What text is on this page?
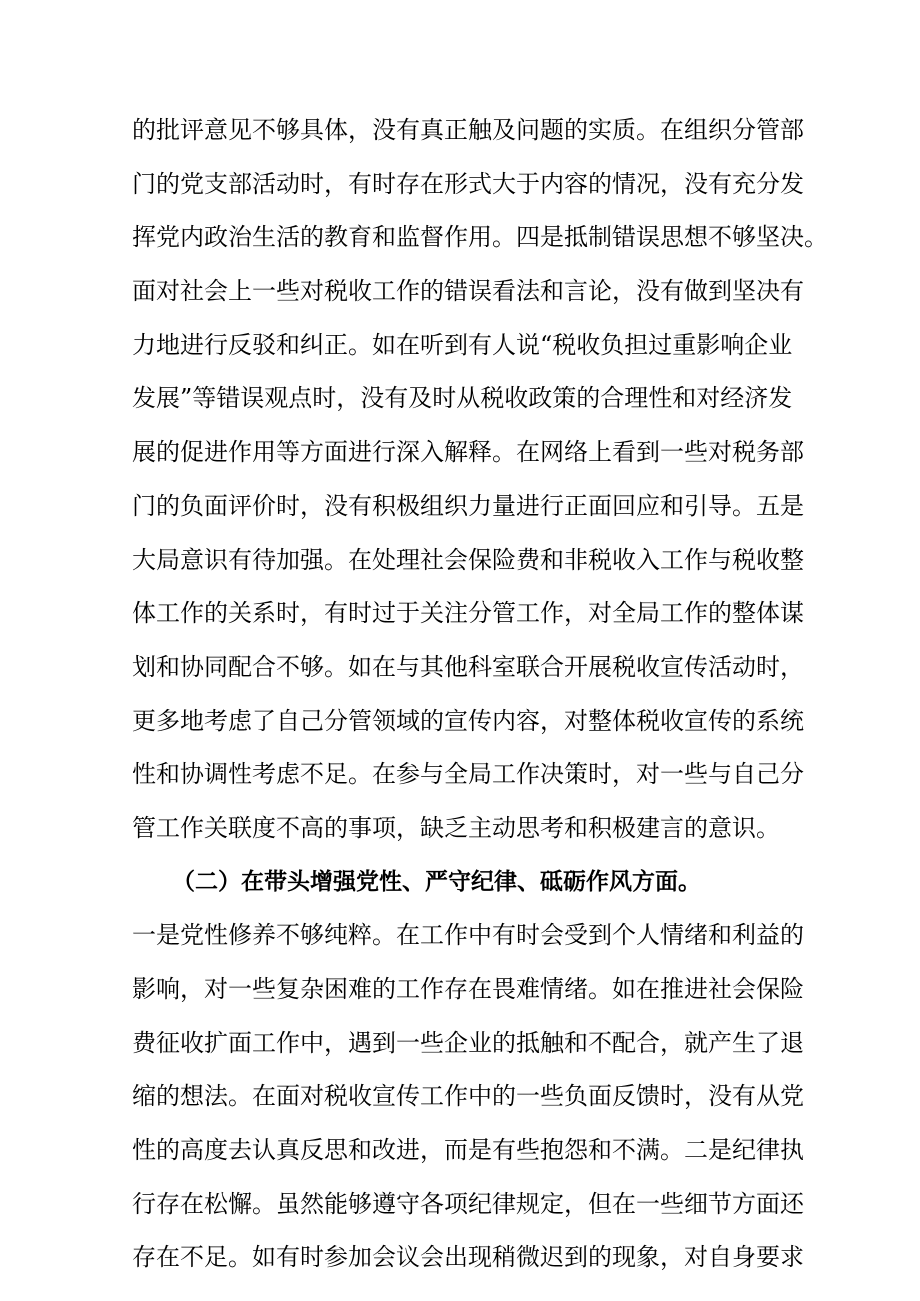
的批评意见不够具体，没有真正触及问题的实质。在组织分管部
门的党支部活动时，有时存在形式大于内容的情况，没有充分发
挥党内政治生活的教育和监督作用。四是抵制错误思想不够坚决。
面对社会上一些对税收工作的错误看法和言论，没有做到坚决有
力地进行反驳和纠正。如在听到有人说“税收负担过重影响企业
发展”等错误观点时，没有及时从税收政策的合理性和对经济发
展的促进作用等方面进行深入解释。在网络上看到一些对税务部
门的负面评价时，没有积极组织力量进行正面回应和引导。五是
大局意识有待加强。在处理社会保险费和非税收入工作与税收整
体工作的关系时，有时过于关注分管工作，对全局工作的整体谋
划和协同配合不够。如在与其他科室联合开展税收宣传活动时，
更多地考虑了自己分管领域的宣传内容，对整体税收宣传的系统
性和协调性考虑不足。在参与全局工作决策时，对一些与自己分
管工作关联度不高的事项，缺乏主动思考和积极建言的意识。
（二）在带头增强党性、严守纪律、砥砺作风方面。
一是党性修养不够纯粹。在工作中有时会受到个人情绪和利益的
影响，对一些复杂困难的工作存在畏难情绪。如在推进社会保险
费征收扩面工作中，遇到一些企业的抵触和不配合，就产生了退
缩的想法。在面对税收宣传工作中的一些负面反馈时，没有从党
性的高度去认真反思和改进，而是有些抱怨和不满。二是纪律执
行存在松懈。虽然能够遵守各项纪律规定，但在一些细节方面还
存在不足。如有时参加会议会出现稍微迟到的现象，对自身要求
